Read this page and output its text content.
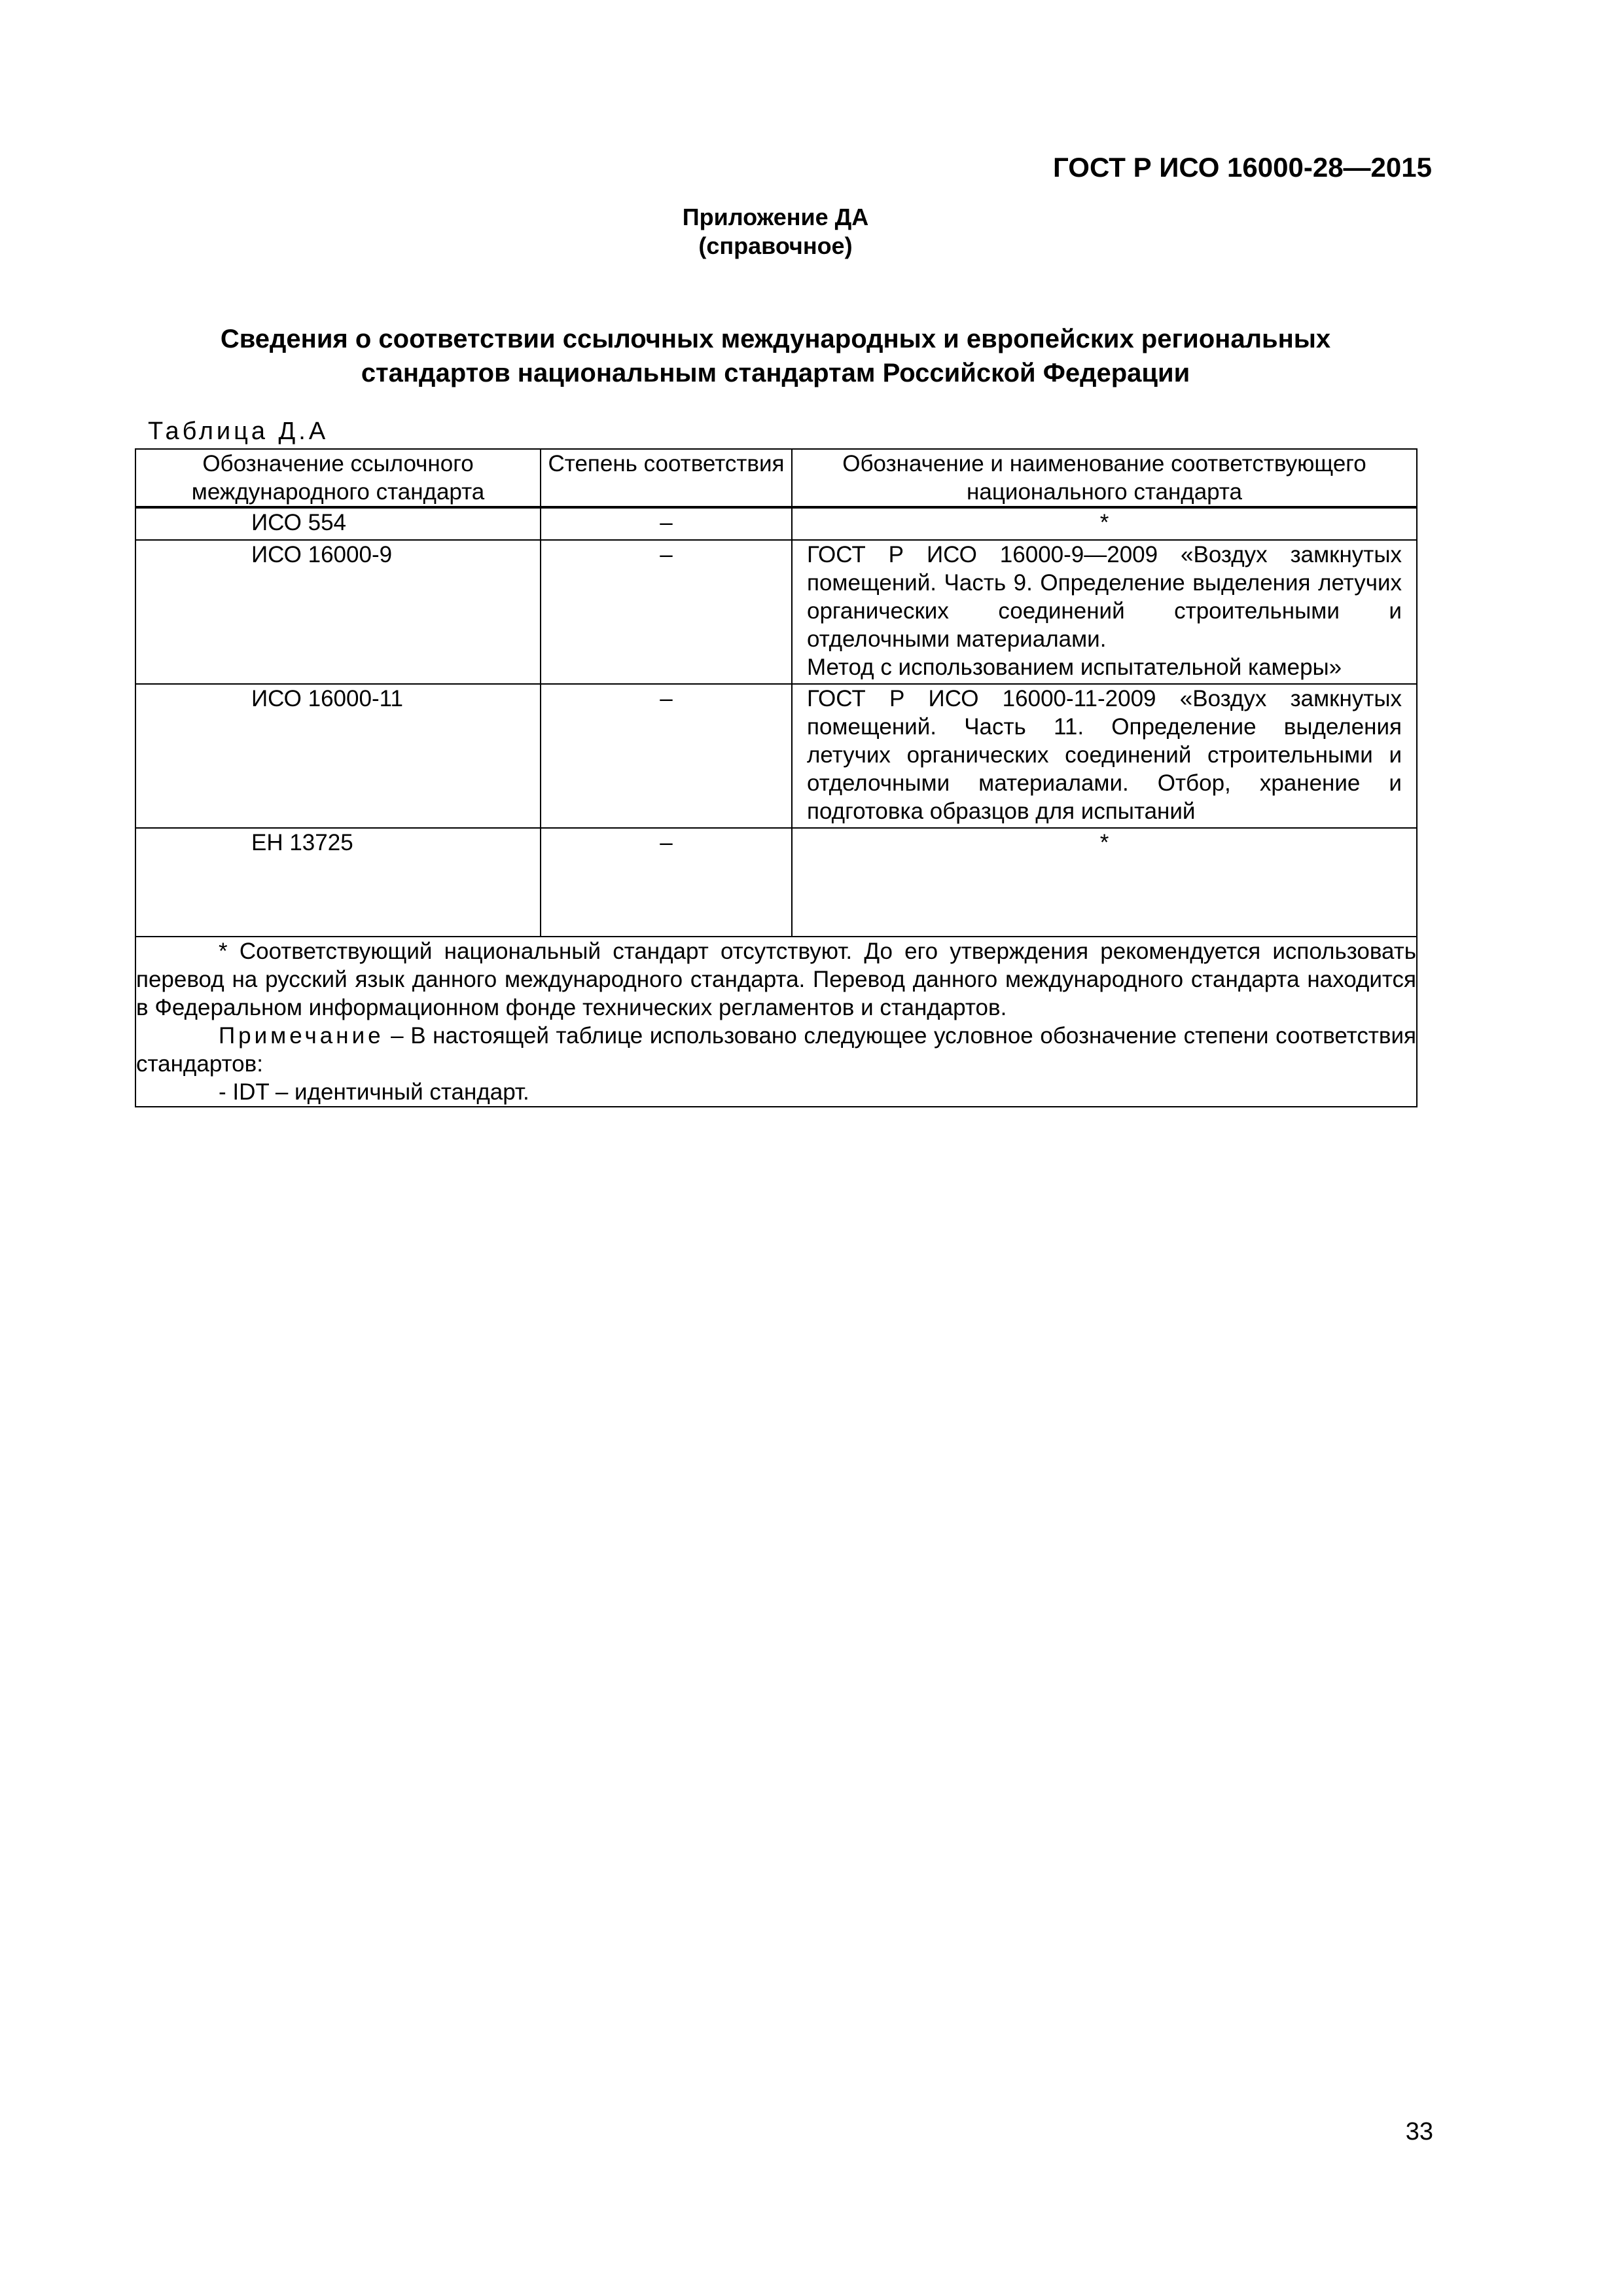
ГОСТ Р ИСО 16000-28—2015
Приложение ДА
(справочное)
Сведения о соответствии ссылочных международных и европейских региональных
стандартов национальным стандартам Российской Федерации
Таблица Д.А
Обозначение ссылочного международного стандарта	Степень соответствия	Обозначение и наименование соответствующего национального стандарта

ИСО 554	–	*
ИСО 16000-9	–	ГОСТ Р ИСО 16000-9—2009 «Воздух замкнутых помещений. Часть 9. Определение выделения летучих органических соединений строительными и отделочными материалами.
Метод с использованием испытательной камеры»

ИСО 16000-11	–	ГОСТ Р ИСО 16000-11-2009 «Воздух замкнутых помещений. Часть 11. Определение выделения летучих органических соединений строительными и отделочными материалами. Отбор, хранение и подготовка образцов для испытаний
ЕН 13725	–	*

* Соответствующий национальный стандарт отсутствуют. До его утверждения рекомендуется использовать перевод на русский язык данного международного стандарта. Перевод данного международного стандарта находится в Федеральном информационном фонде технических регламентов и стандартов.

Примечание – В настоящей таблице использовано следующее условное обозначение степени соответствия стандартов:

- IDT – идентичный стандарт.		

33
